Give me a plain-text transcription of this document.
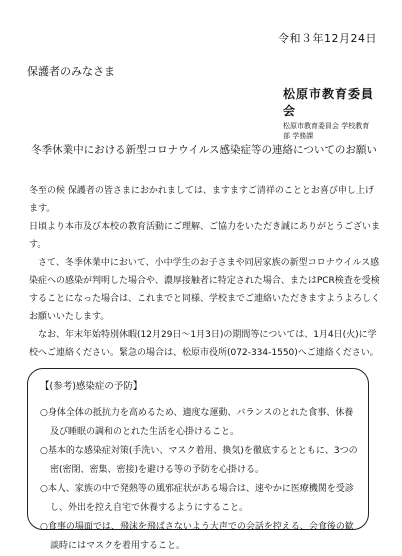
令和３年12月24日
保護者のみなさま
松原市教育委員会
松原市教育委員会 学校教育部 学務課
冬季休業中における新型コロナウイルス感染症等の連絡についてのお願い

冬至の候 保護者の皆さまにおかれましては、ますますご清祥のこととお喜び申し上げます。

日頃より本市及び本校の教育活動にご理解、ご協力をいただき誠にありがとうございます。

さて、冬季休業中において、小中学生のお子さまや同居家族の新型コロナウイルス感染症への感染が判明した場合や、濃厚接触者に特定された場合、またはPCR検査を受検することになった場合は、これまでと同様、学校までご連絡いただきますようよろしくお願いいたします。

なお、年末年始特別休暇(12月29日～1月3日)の期間等については、1月4日(火)に学校へご連絡ください。緊急の場合は、松原市役所(072-334-1550)へご連絡ください。

【(参考)感染症の予防】
○身体全体の抵抗力を高めるため、適度な運動、バランスのとれた食事、休養及び睡眠の調和のとれた生活を心掛けること。
○基本的な感染症対策(手洗い、マスク着用、換気)を徹底するとともに、3つの密(密閉、密集、密接)を避ける等の予防を心掛ける。
○本人、家族の中で発熱等の風邪症状がある場合は、速やかに医療機関を受診し、外出を控え自宅で休養するようにすること。
○食事の場面では、飛沫を飛ばさないよう大声での会話を控える、会食後の歓談時にはマスクを着用すること。
